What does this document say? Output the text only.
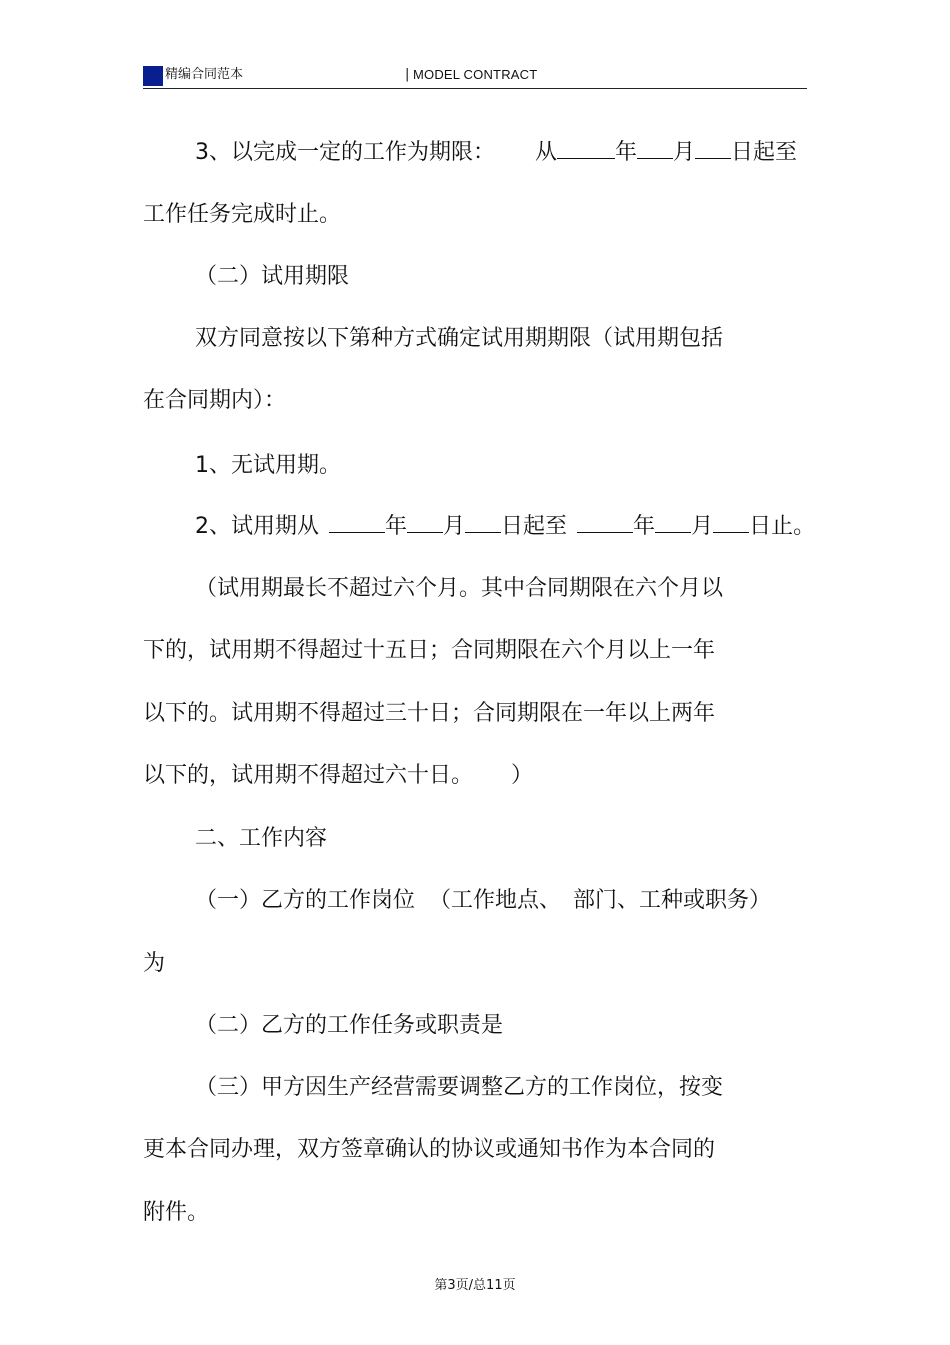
精编合同范本	| MODEL CONTRACT
3、以完成一定的工作为期限： 从	年 月 日起至
工作任务完成时止。
（二）试用期限
双方同意按以下第种方式确定试用期期限（试用期包括
在合同期内）：
1、无试用期。
2、试用期从	年 月 日起至	年 月 日止。
（试用期最长不超过六个月。其中合同期限在六个月以
下的，试用期不得超过十五日；合同期限在六个月以上一年
以下的。试用期不得超过三十日；合同期限在一年以上两年
以下的，试用期不得超过六十日。 ）
二、工作内容
（一）乙方的工作岗位 （工作地点、 部门、工种或职务）
为
（二）乙方的工作任务或职责是
（三）甲方因生产经营需要调整乙方的工作岗位，按变
更本合同办理，双方签章确认的协议或通知书作为本合同的
附件。
第3页/总11页
